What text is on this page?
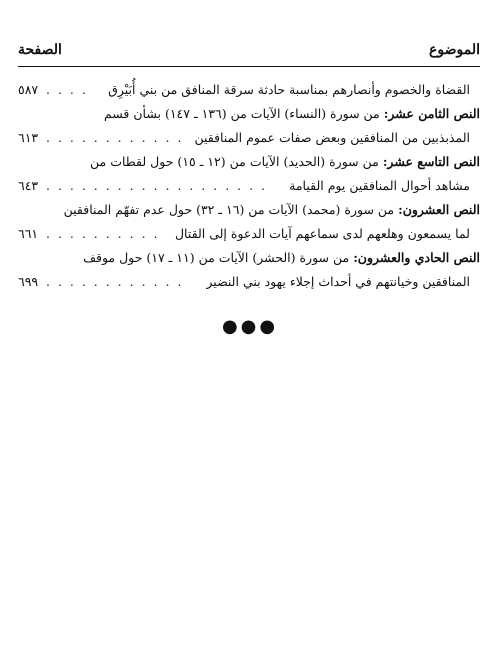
الموضوع
الصفحة
القضاة والخصوم وأنصارهم بمناسبة حادثة سرقة المنافق من بني أُبَيْرِق
. . . .
٥٨٧
النص الثامن عشر: من سورة (النساء) الآيات من (١٣٦ ـ ١٤٧) بشأن قسم
المذبذبين من المنافقين وبعض صفات عموم المنافقين
. . . . . . . . . . . .
٦١٣
النص التاسع عشر: من سورة (الحديد) الآيات من (١٢ ـ ١٥) حول لقطات من
مشاهد أحوال المنافقين يوم القيامة
. . . . . . . . . . . . . . . . . . .
٦٤٣
النص العشرون: من سورة (محمد) الآيات من (١٦ ـ ٣٢) حول عدم تفهّم المنافقين
لما يسمعون وهلعهم لدى سماعهم آيات الدعوة إلى القتال
. . . . . . . . . .
٦٦١
النص الحادي والعشرون: من سورة (الحشر) الآيات من (١١ ـ ١٧) حول موقف
المنافقين وخيانتهم في أحداث إجلاء يهود بني النضير
. . . . . . . . . . . .
٦٩٩
●●●
